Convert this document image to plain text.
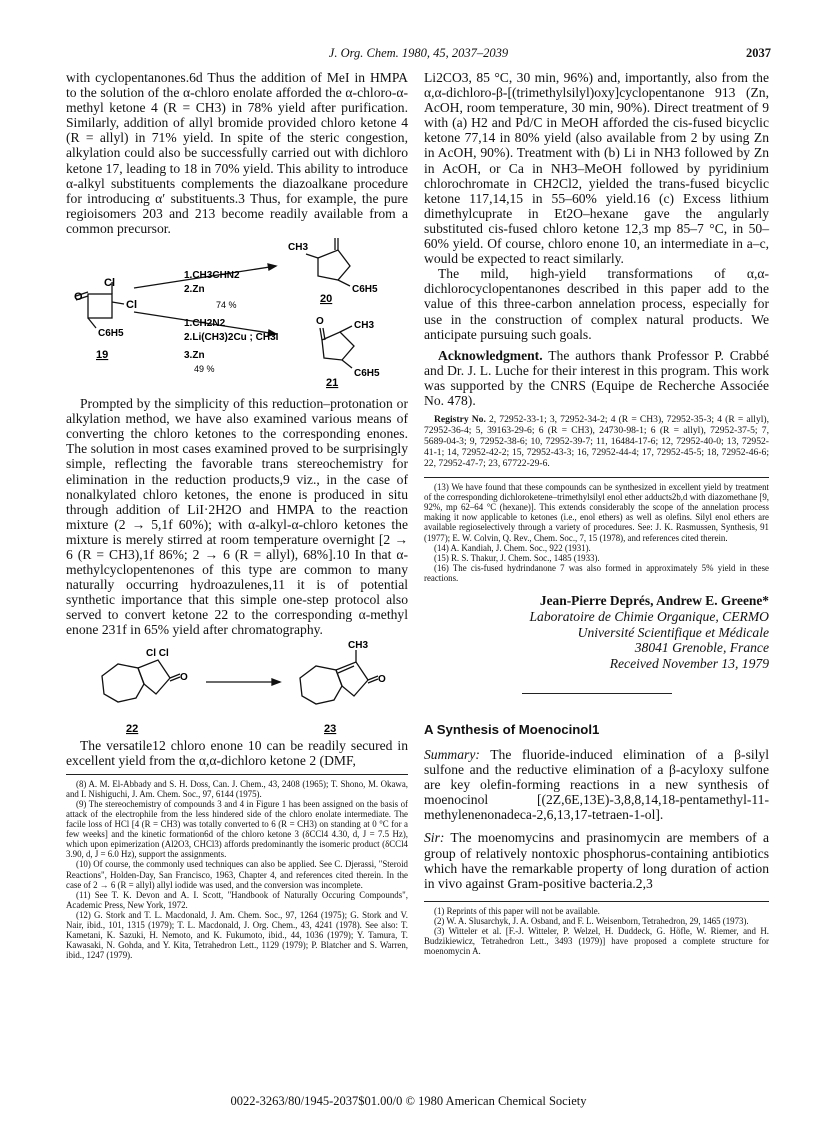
J. Org. Chem. 1980, 45, 2037–2039	2037

with cyclopentanones.6d Thus the addition of MeI in HMPA to the solution of the α-chloro enolate afforded the α-chloro-α-methyl ketone 4 (R = CH3) in 78% yield after purification. Similarly, addition of allyl bromide provided chloro ketone 4 (R = allyl) in 71% yield. In spite of the steric congestion, alkylation could also be successfully carried out with dichloro ketone 17, leading to 18 in 70% yield. This ability to introduce α-alkyl substituents complements the diazoalkane procedure for introducing α′ substituents.3 Thus, for example, the pure regioisomers 203 and 213 become readily available from a common precursor.

O
Cl
Cl
C6H5
19
1.CH3CHN2
2.Zn
74 %
1.CH2N2
2.Li(CH3)2Cu ; CH3I
3.Zn
49 %
CH3
C6H5
20
O	CH3
C6H5
21

Prompted by the simplicity of this reduction–protonation or alkylation method, we have also examined various means of converting the chloro ketones to the corresponding enones. The solution in most cases examined proved to be surprisingly simple, reflecting the favorable trans stereochemistry for elimination in the reduction products,9 viz., in the case of nonalkylated chloro ketones, the enone is produced in situ through addition of LiI·2H2O and HMPA to the reaction mixture (2 → 5,1f 60%); with α-alkyl-α-chloro ketones the mixture is merely stirred at room temperature overnight [2 → 6 (R = CH3),1f 86%; 2 → 6 (R = allyl), 68%].10 In that α-methylcyclopentenones of this type are common to many naturally occurring hydroazulenes,11 it is of potential synthetic importance that this simple one-step protocol also served to convert ketone 22 to the corresponding α-methyl enone 231f in 65% yield after chromatography.

Cl Cl
O
CH3
O
22	23

The versatile12 chloro enone 10 can be readily secured in excellent yield from the α,α-dichloro ketone 2 (DMF,

(8) A. M. El-Abbady and S. H. Doss, Can. J. Chem., 43, 2408 (1965); T. Shono, M. Okawa, and I. Nishiguchi, J. Am. Chem. Soc., 97, 6144 (1975).

(9) The stereochemistry of compounds 3 and 4 in Figure 1 has been assigned on the basis of attack of the electrophile from the less hindered side of the chloro enolate intermediate. The facile loss of HCl [4 (R = CH3) was totally converted to 6 (R = CH3) on standing at 0 °C for a few weeks] and the kinetic formation6d of the chloro ketone 3 (δCCl4 4.30, d, J = 7.5 Hz), which upon epimerization (Al2O3, CHCl3) affords predominantly the isomeric product (δCCl4 3.90, d, J = 6.0 Hz), support the assignments.

(10) Of course, the commonly used techniques can also be applied. See C. Djerassi, "Steroid Reactions", Holden-Day, San Francisco, 1963, Chapter 4, and references cited therein. In the case of 2 → 6 (R = allyl) allyl iodide was used, and the conversion was incomplete.

(11) See T. K. Devon and A. I. Scott, "Handbook of Naturally Occuring Compounds", Academic Press, New York, 1972.

(12) G. Stork and T. L. Macdonald, J. Am. Chem. Soc., 97, 1264 (1975); G. Stork and V. Nair, ibid., 101, 1315 (1979); T. L. Macdonald, J. Org. Chem., 43, 4241 (1978). See also: T. Kametani, K. Sazuki, H. Nemoto, and K. Fukumoto, ibid., 44, 1036 (1979); Y. Tamura, T. Kawasaki, N. Gohda, and Y. Kita, Tetrahedron Lett., 1129 (1979); P. Blatcher and S. Warren, ibid., 1247 (1979).

Li2CO3, 85 °C, 30 min, 96%) and, importantly, also from the α,α-dichloro-β-[(trimethylsilyl)oxy]cyclopentanone 913 (Zn, AcOH, room temperature, 30 min, 90%). Direct treatment of 9 with (a) H2 and Pd/C in MeOH afforded the cis-fused bicyclic ketone 77,14 in 80% yield (also available from 2 by using Zn in AcOH, 90%). Treatment with (b) Li in NH3 followed by Zn in AcOH, or Ca in NH3–MeOH followed by pyridinium chlorochromate in CH2Cl2, yielded the trans-fused bicyclic ketone 117,14,15 in 55–60% yield.16 (c) Excess lithium dimethylcuprate in Et2O–hexane gave the angularly substituted cis-fused chloro ketone 12,3 mp 85–7 °C, in 50–60% yield. Of course, chloro enone 10, an intermediate in a–c, would be expected to react similarly.

The mild, high-yield transformations of α,α-dichlorocyclopentanones described in this paper add to the value of this three-carbon annelation process, especially for use in the construction of complex natural products. We anticipate pursuing such goals.

Acknowledgment. The authors thank Professor P. Crabbé and Dr. J. L. Luche for their interest in this program. This work was supported by the CNRS (Equipe de Recherche Associée No. 478).

Registry No. 2, 72952-33-1; 3, 72952-34-2; 4 (R = CH3), 72952-35-3; 4 (R = allyl), 72952-36-4; 5, 39163-29-6; 6 (R = CH3), 24730-98-1; 6 (R = allyl), 72952-37-5; 7, 5689-04-3; 9, 72952-38-6; 10, 72952-39-7; 11, 16484-17-6; 12, 72952-40-0; 13, 72952-41-1; 14, 72952-42-2; 15, 72952-43-3; 16, 72952-44-4; 17, 72952-45-5; 18, 72952-46-6; 22, 72952-47-7; 23, 67722-29-6.

(13) We have found that these compounds can be synthesized in excellent yield by treatment of the corresponding dichloroketene–trimethylsilyl enol ether adducts2b,d with diazomethane [9, 92%, mp 62–64 °C (hexane)]. This extends considerably the scope of the annelation process making it now applicable to ketones (i.e., enol ethers) as well as olefins. Silyl enol ethers are available regioselectively through a variety of procedures. See: J. K. Rasmussen, Synthesis, 91 (1977); E. W. Colvin, Q. Rev., Chem. Soc., 7, 15 (1978), and references cited therein.

(14) A. Kandiah, J. Chem. Soc., 922 (1931).

(15) R. S. Thakur, J. Chem. Soc., 1485 (1933).

(16) The cis-fused hydrindanone 7 was also formed in approximately 5% yield in these reactions.

Jean-Pierre Deprés, Andrew E. Greene*
Laboratoire de Chimie Organique, CERMO
Université Scientifique et Médicale
38041 Grenoble, France
Received November 13, 1979

A Synthesis of Moenocinol1

Summary: The fluoride-induced elimination of a β-silyl sulfone and the reductive elimination of a β-acyloxy sulfone are key olefin-forming reactions in a new synthesis of moenocinol [(2Z,6E,13E)-3,8,8,14,18-pentamethyl-11-methylenenonadeca-2,6,13,17-tetraen-1-ol].

Sir: The moenomycins and prasinomycin are members of a group of relatively nontoxic phosphorus-containing antibiotics which have the remarkable property of long duration of action in vivo against Gram-positive bacteria.2,3

(1) Reprints of this paper will not be available.

(2) W. A. Slusarchyk, J. A. Osband, and F. L. Weisenborn, Tetrahedron, 29, 1465 (1973).

(3) Witteler et al. [F.-J. Witteler, P. Welzel, H. Duddeck, G. Höfle, W. Riemer, and H. Budzikiewicz, Tetrahedron Lett., 3493 (1979)] have proposed a complete structure for moenomycin A.

0022-3263/80/1945-2037$01.00/0 © 1980 American Chemical Society
